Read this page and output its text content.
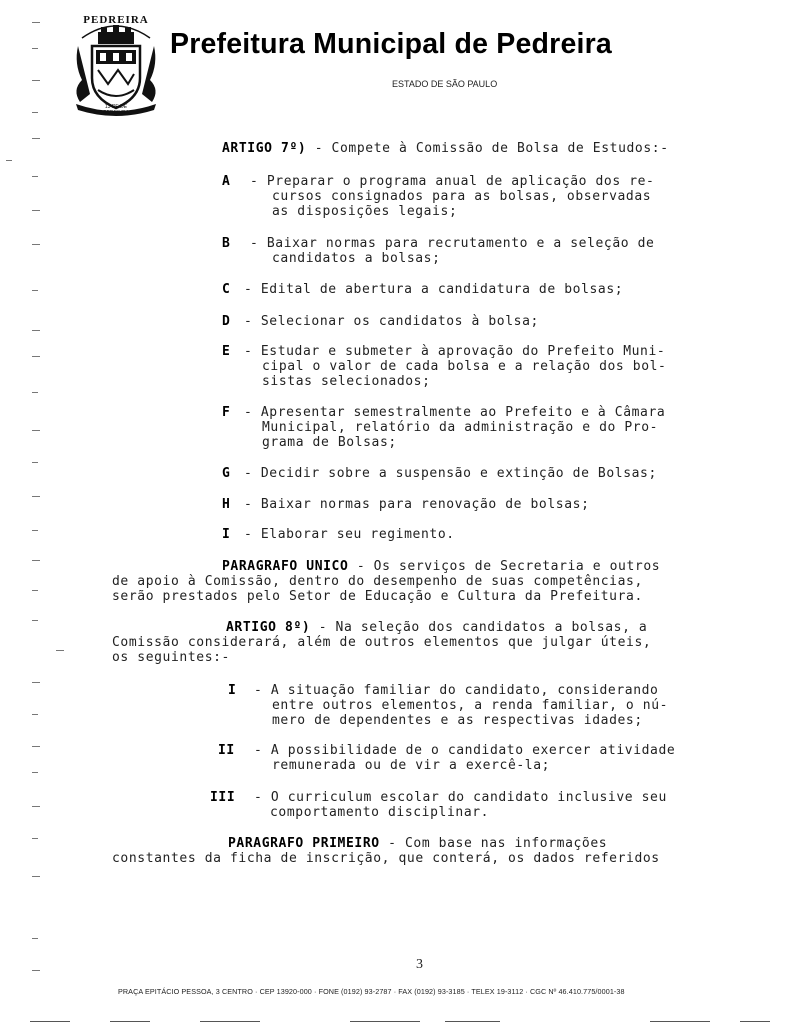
PEDREIRA
13 DE DE
PEDREIRA
Prefeitura Municipal de Pedreira
ESTADO DE SÃO PAULO
ARTIGO 7º) - Compete à Comissão de Bolsa de Estudos:-
A - Preparar o programa anual de aplicação dos re-
cursos consignados para as bolsas, observadas
as disposições legais;
B - Baixar normas para recrutamento e a seleção de
candidatos a bolsas;
C - Edital de abertura a candidatura de bolsas;
D - Selecionar os candidatos à bolsa;
E - Estudar e submeter à aprovação do Prefeito Muni-
cipal o valor de cada bolsa e a relação dos bol-
sistas selecionados;
F - Apresentar semestralmente ao Prefeito e à Câmara
Municipal, relatório da administração e do Pro-
grama de Bolsas;
G - Decidir sobre a suspensão e extinção de Bolsas;
H - Baixar normas para renovação de bolsas;
I - Elaborar seu regimento.
PARAGRAFO UNICO - Os serviços de Secretaria e outros
de apoio à Comissão, dentro do desempenho de suas competências,
serão prestados pelo Setor de Educação e Cultura da Prefeitura.
ARTIGO 8º) - Na seleção dos candidatos a bolsas, a
Comissão considerará, além de outros elementos que julgar úteis,
os seguintes:-
I - A situação familiar do candidato, considerando
entre outros elementos, a renda familiar, o nú-
mero de dependentes e as respectivas idades;
II - A possibilidade de o candidato exercer atividade
remunerada ou de vir a exercê-la;
III - O curriculum escolar do candidato inclusive seu
comportamento disciplinar.
PARAGRAFO PRIMEIRO - Com base nas informações
constantes da ficha de inscrição, que conterá, os dados referidos
3
PRAÇA EPITÁCIO PESSOA, 3 CENTRO · CEP 13920-000 · FONE (0192) 93-2787 · FAX (0192) 93-3185 · TELEX 19-3112 · CGC Nº 46.410.775/0001-38
